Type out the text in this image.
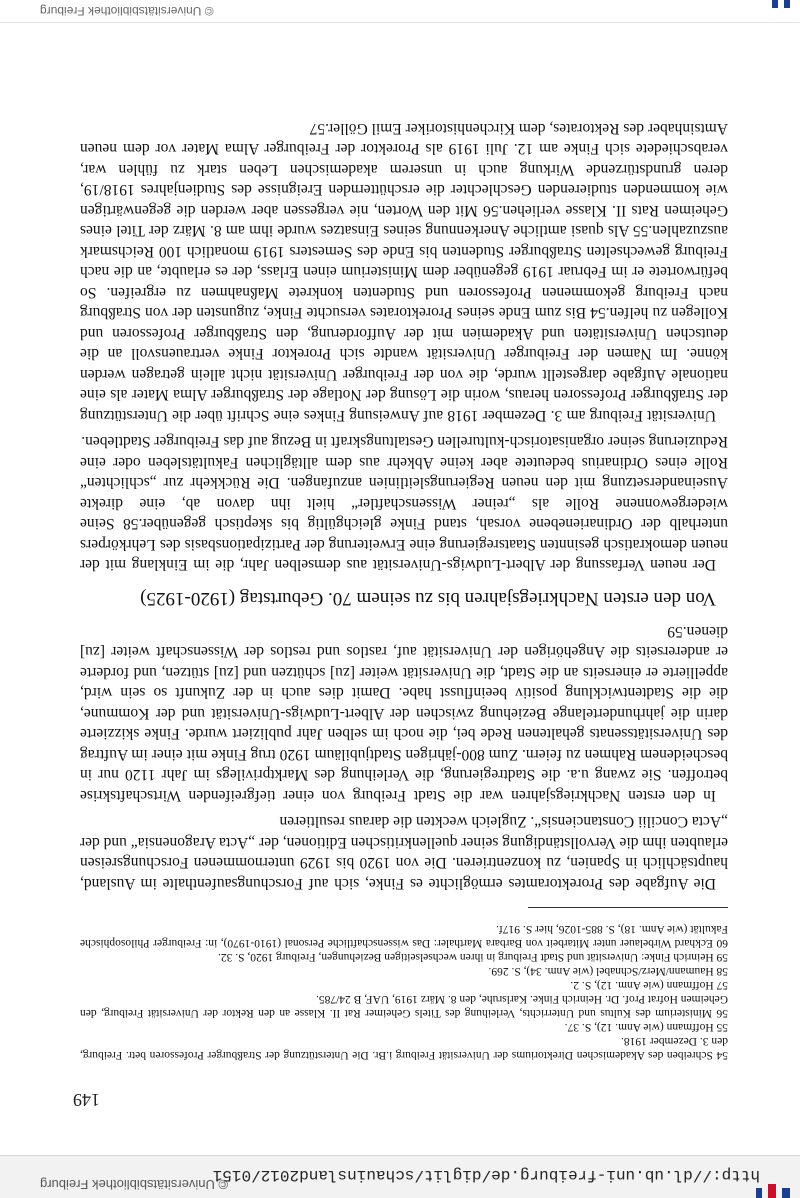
© Universitätsbibliothek Freiburg
http://dl.ub.uni-freiburg.de/diglit/schauinsland2012/0151
149

54 Schreiben des Akademischen Direktoriums der Universität Freiburg i.Br. Die Unterstützung der Straßburger Professoren betr. Freiburg, den 3. Dezember 1918.

55 Hoffmann (wie Anm. 12), S. 37.

56 Ministerium des Kultus und Unterrichts, Verleihung des Titels Geheimer Rat II. Klasse an den Rektor der Universität Freiburg, den Geheimen Hofrat Prof. Dr. Heinrich Finke. Karlsruhe, den 8. März 1919, UAF, B 24/785.

57 Hoffmann (wie Anm. 12), S. 2.

58 Haumann/Merz/Schnabel (wie Anm. 34), S. 269.

59 Heinrich Finke: Universität und Stadt Freiburg in ihren wechselseitigen Beziehungen, Freiburg 1920, S. 32.

60 Eckhard Wirbelauer unter Mitarbeit von Barbara Marthaler: Das wissenschaftliche Personal (1910-1970), in: Freiburger Philosophische Fakultät (wie Anm. 18), S. 885-1026, hier S. 917f.

Die Aufgabe des Prorektoramtes ermöglichte es Finke, sich auf Forschungsaufenthalte im Ausland, hauptsächlich in Spanien, zu konzentrieren. Die von 1920 bis 1929 unternommenen Forschungsreisen erlaubten ihm die Vervollständigung seiner quellenkritischen Editionen, der „Acta Aragonensia“ und der „Acta Concilii Constanciensis“. Zugleich weckten die daraus resultieren

In den ersten Nachkriegsjahren war die Stadt Freiburg von einer tiefgreifenden Wirtschaftskrise betroffen. Sie zwang u.a. die Stadtregierung, die Verleihung des Marktprivilegs im Jahr 1120 nur in bescheidenem Rahmen zu feiern. Zum 800-jährigen Stadtjubiläum 1920 trug Finke mit einer im Auftrag des Universitätssenats gehaltenen Rede bei, die noch im selben Jahr publiziert wurde. Finke skizzierte darin die jahrhundertelange Beziehung zwischen der Albert-Ludwigs-Universität und der Kommune, die die Stadtentwicklung positiv beeinflusst habe. Damit dies auch in der Zukunft so sein wird, appellierte er einerseits an die Stadt, die Universität weiter [zu] schützen und [zu] stützen, und forderte er andererseits die Angehörigen der Universität auf, rastlos und restlos der Wissenschaft weiter [zu] dienen.59

Von den ersten Nachkriegsjahren bis zu seinem 70. Geburtstag (1920-1925)

Der neuen Verfassung der Albert-Ludwigs-Universität aus demselben Jahr, die im Einklang mit der neuen demokratisch gesinnten Staatsregierung eine Erweiterung der Partizipationsbasis des Lehrkörpers unterhalb der Ordinarienebene vorsah, stand Finke gleichgültig bis skeptisch gegenüber.58 Seine wiedergewonnene Rolle als „reiner Wissenschaftler“ hielt ihn davon ab, eine direkte Auseinandersetzung mit den neuen Regierungsleitlinien anzufangen. Die Rückkehr zur „schlichten“ Rolle eines Ordinarius bedeutete aber keine Abkehr aus dem alltäglichen Fakultätsleben oder eine Reduzierung seiner organisatorisch-kulturellen Gestaltungskraft in Bezug auf das Freiburger Stadtleben.

Universität Freiburg am 3. Dezember 1918 auf Anweisung Finkes eine Schrift über die Unterstützung der Straßburger Professoren heraus, worin die Lösung der Notlage der Straßburger Alma Mater als eine nationale Aufgabe dargestellt wurde, die von der Freiburger Universität nicht allein getragen werden könne. Im Namen der Freiburger Universität wandte sich Prorektor Finke vertrauensvoll an die deutschen Universitäten und Akademien mit der Aufforderung, den Straßburger Professoren und Kollegen zu helfen.54 Bis zum Ende seines Prorektorates versuchte Finke, zugunsten der von Straßburg nach Freiburg gekommenen Professoren und Studenten konkrete Maßnahmen zu ergreifen. So befürwortete er im Februar 1919 gegenüber dem Ministerium einen Erlass, der es erlaubte, an die nach Freiburg gewechselten Straßburger Studenten bis Ende des Semesters 1919 monatlich 100 Reichsmark auszuzahlen.55 Als quasi amtliche Anerkennung seines Einsatzes wurde ihm am 8. März der Titel eines Geheimen Rats II. Klasse verliehen.56 Mit den Worten, nie vergessen aber werden die gegenwärtigen wie kommenden studierenden Geschlechter die erschütternden Ereignisse des Studienjahres 1918/19, deren grundstürzende Wirkung auch in unserem akademischen Leben stark zu fühlen war, verabschiedete sich Finke am 12. Juli 1919 als Prorektor der Freiburger Alma Mater vor dem neuen Amtsinhaber des Rektorates, dem Kirchenhistoriker Emil Göller.57

© Universitätsbibliothek Freiburg
